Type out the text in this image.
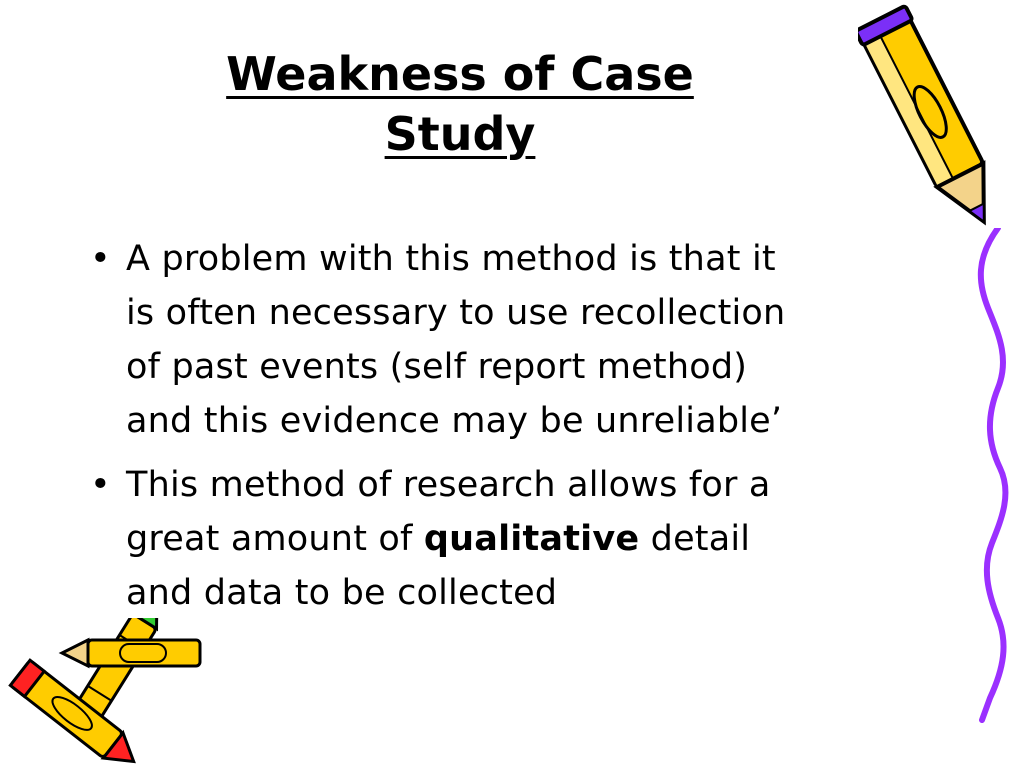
Weakness of Case
Study
• A problem with this method is that it
is often necessary to use recollection
of past events (self report method)
and this evidence may be unreliable’
• This method of research allows for a
great amount of qualitative detail
and data to be collected
